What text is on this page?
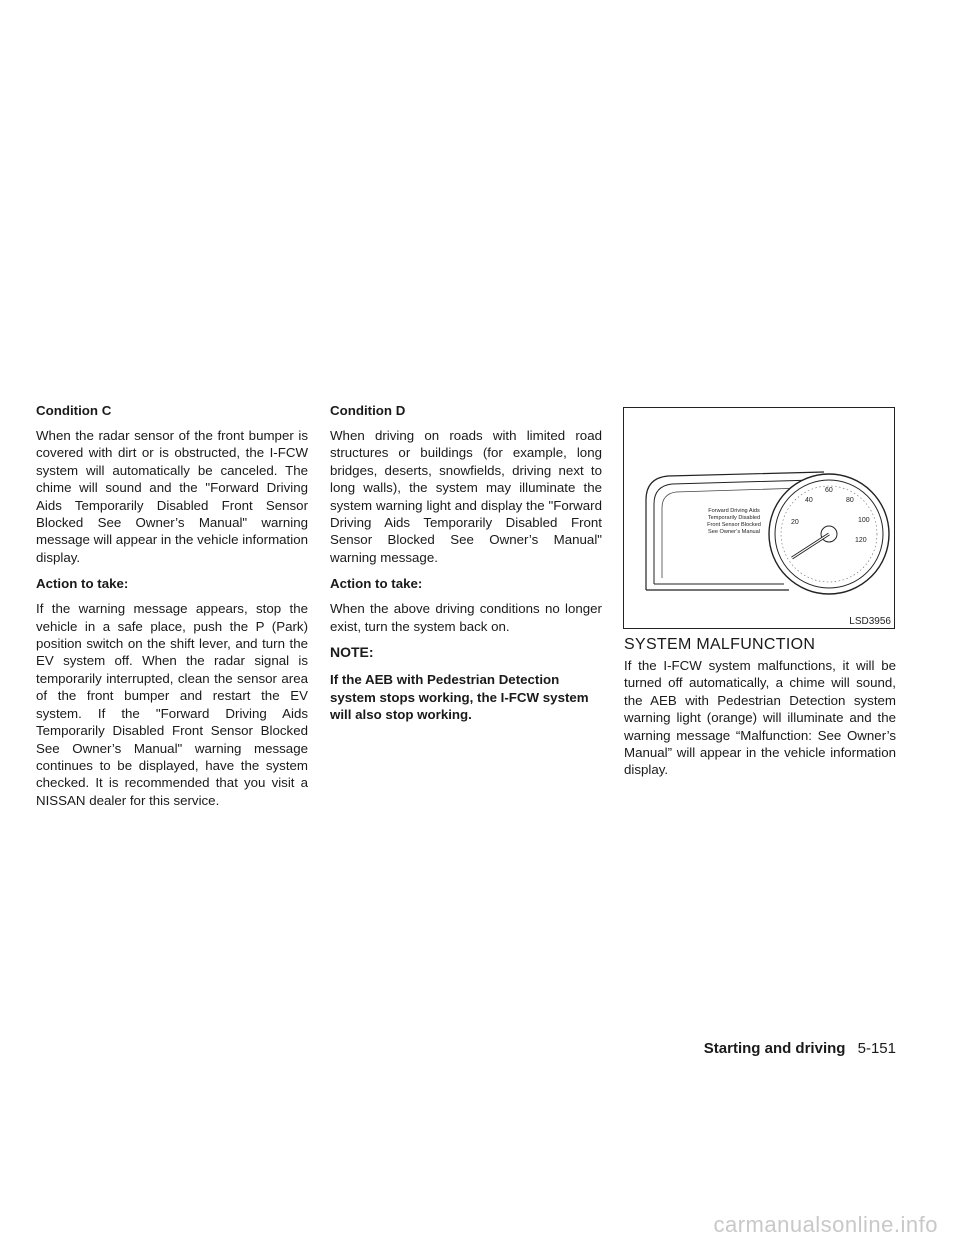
Condition C

When the radar sensor of the front bumper is covered with dirt or is obstructed, the I-FCW system will automatically be canceled. The chime will sound and the "Forward Driving Aids Temporarily Disabled Front Sensor Blocked See Owner’s Manual" warning message will appear in the vehicle information display.

Action to take:

If the warning message appears, stop the vehicle in a safe place, push the P (Park) position switch on the shift lever, and turn the EV system off. When the radar signal is temporarily interrupted, clean the sensor area of the front bumper and restart the EV system. If the "Forward Driving Aids Temporarily Disabled Front Sensor Blocked See Owner’s Manual" warning message continues to be displayed, have the system checked. It is recommended that you visit a NISSAN dealer for this service.

Condition D

When driving on roads with limited road structures or buildings (for example, long bridges, deserts, snowfields, driving next to long walls), the system may illuminate the system warning light and display the "Forward Driving Aids Temporarily Disabled Front Sensor Blocked See Owner’s Manual" warning message.

Action to take:

When the above driving conditions no longer exist, turn the system back on.

NOTE:

If the AEB with Pedestrian Detection system stops working, the I-FCW system will also stop working.

20
40
60
80
100
120
Forward Driving Aids
Temporarily Disabled
Front Sensor Blocked
See Owner’s Manual
LSD3956
SYSTEM MALFUNCTION

If the I-FCW system malfunctions, it will be turned off automatically, a chime will sound, the AEB with Pedestrian Detection system warning light (orange) will illuminate and the warning message “Malfunction: See Owner’s Manual” will appear in the vehicle information display.

Starting and driving 5-151
carmanualsonline.info
